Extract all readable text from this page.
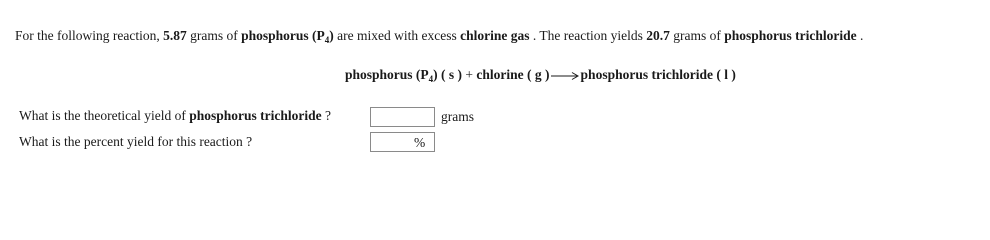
For the following reaction, 5.87 grams of phosphorus $(P_4)$ are mixed with excess chlorine gas . The reaction yields 20.7 grams of phosphorus trichloride .
phosphorus $(P_4)$ ( s ) + chlorine ( g ) phosphorus trichloride ( l )
What is the theoretical yield of phosphorus trichloride ?	grams
What is the percent yield for this reaction ?	%
